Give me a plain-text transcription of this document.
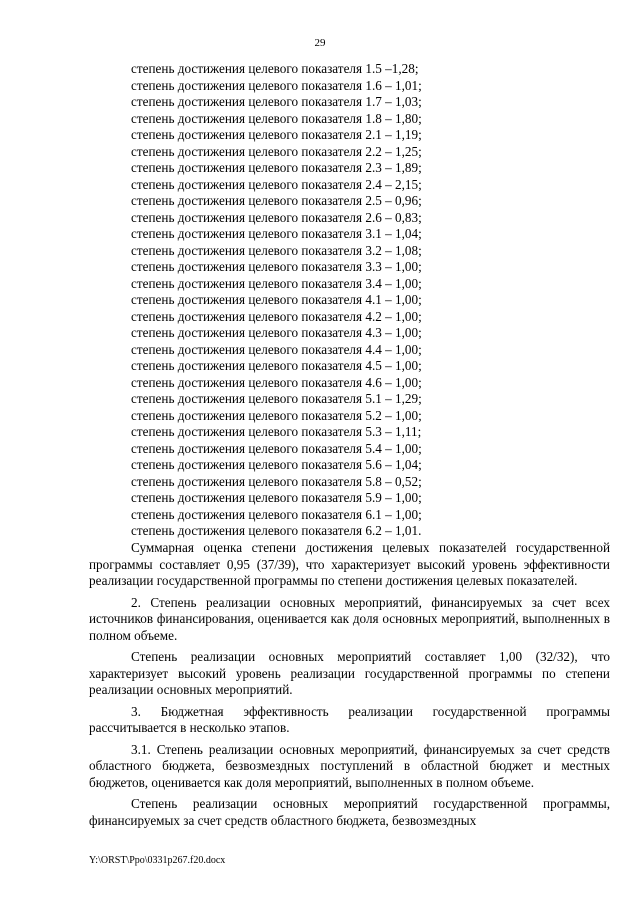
29
степень достижения целевого показателя 1.5 –1,28;
степень достижения целевого показателя 1.6 – 1,01;
степень достижения целевого показателя 1.7 – 1,03;
степень достижения целевого показателя 1.8 – 1,80;
степень достижения целевого показателя 2.1 – 1,19;
степень достижения целевого показателя 2.2 – 1,25;
степень достижения целевого показателя 2.3 – 1,89;
степень достижения целевого показателя 2.4 – 2,15;
степень достижения целевого показателя 2.5 – 0,96;
степень достижения целевого показателя 2.6 – 0,83;
степень достижения целевого показателя 3.1 – 1,04;
степень достижения целевого показателя 3.2 – 1,08;
степень достижения целевого показателя 3.3 – 1,00;
степень достижения целевого показателя 3.4 – 1,00;
степень достижения целевого показателя 4.1 – 1,00;
степень достижения целевого показателя 4.2 – 1,00;
степень достижения целевого показателя 4.3 – 1,00;
степень достижения целевого показателя 4.4 – 1,00;
степень достижения целевого показателя 4.5 – 1,00;
степень достижения целевого показателя 4.6 – 1,00;
степень достижения целевого показателя 5.1 – 1,29;
степень достижения целевого показателя 5.2 – 1,00;
степень достижения целевого показателя 5.3 – 1,11;
степень достижения целевого показателя 5.4 – 1,00;
степень достижения целевого показателя 5.6 – 1,04;
степень достижения целевого показателя 5.8 – 0,52;
степень достижения целевого показателя 5.9 – 1,00;
степень достижения целевого показателя 6.1 – 1,00;
степень достижения целевого показателя 6.2 – 1,01.

Суммарная оценка степени достижения целевых показателей государственной программы составляет 0,95 (37/39), что характеризует высокий уровень эффективности реализации государственной программы по степени достижения целевых показателей.

2. Степень реализации основных мероприятий, финансируемых за счет всех источников финансирования, оценивается как доля основных мероприятий, выполненных в полном объеме.

Степень реализации основных мероприятий составляет 1,00 (32/32), что характеризует высокий уровень реализации государственной программы по степени реализации основных мероприятий.

3. Бюджетная эффективность реализации государственной программы рассчитывается в несколько этапов.

3.1. Степень реализации основных мероприятий, финансируемых за счет средств областного бюджета, безвозмездных поступлений в областной бюджет и местных бюджетов, оценивается как доля мероприятий, выполненных в полном объеме.

Степень реализации основных мероприятий государственной программы, финансируемых за счет средств областного бюджета, безвозмездных

Y:\ORST\Ppo\0331p267.f20.docx
